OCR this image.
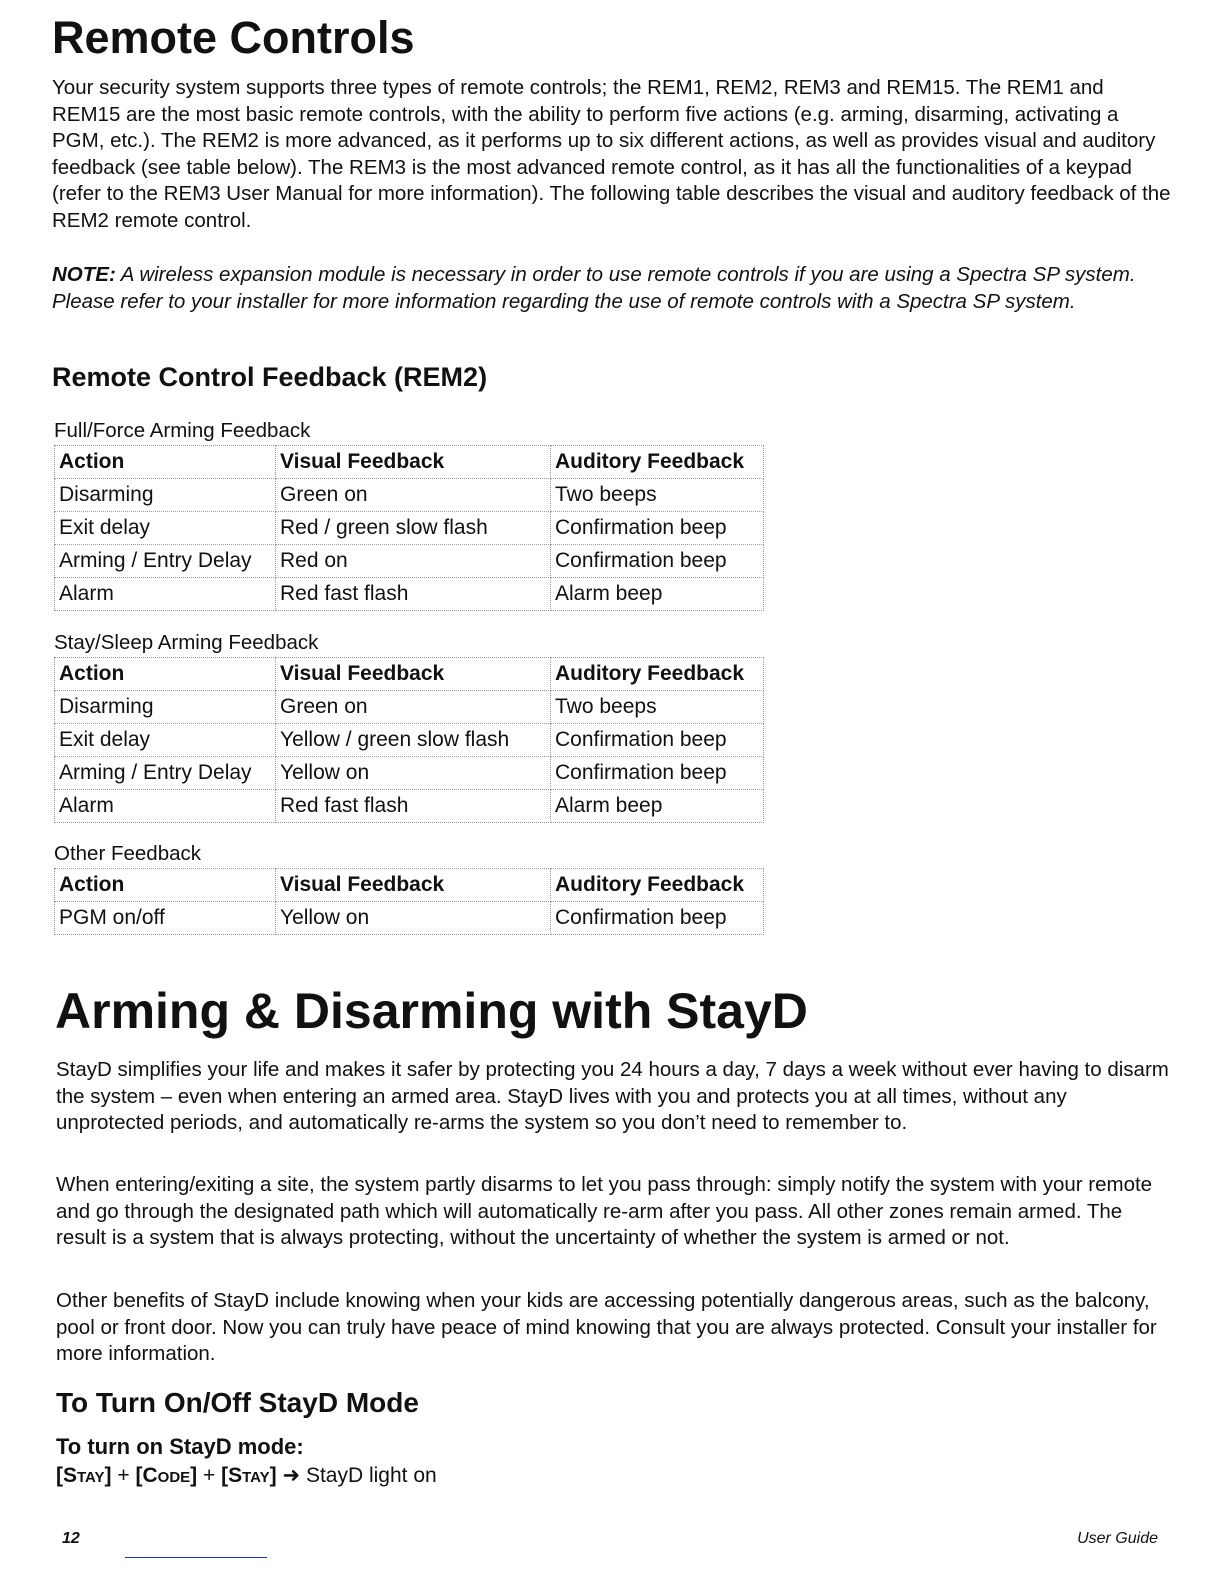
Remote Controls

Your security system supports three types of remote controls; the REM1, REM2, REM3 and REM15. The REM1 and REM15 are the most basic remote controls, with the ability to perform five actions (e.g. arming, disarming, activating a PGM, etc.). The REM2 is more advanced, as it performs up to six different actions, as well as provides visual and auditory feedback (see table below). The REM3 is the most advanced remote control, as it has all the functionalities of a keypad (refer to the REM3 User Manual for more information). The following table describes the visual and auditory feedback of the REM2 remote control.

NOTE: A wireless expansion module is necessary in order to use remote controls if you are using a Spectra SP system. Please refer to your installer for more information regarding the use of remote controls with a Spectra SP system.

Remote Control Feedback (REM2)
Full/Force Arming Feedback
Action	Visual Feedback	Auditory Feedback
Disarming	Green on	Two beeps
Exit delay	Red / green slow flash	Confirmation beep
Arming / Entry Delay	Red on	Confirmation beep
Alarm	Red fast flash	Alarm beep
Stay/Sleep Arming Feedback
Action	Visual Feedback	Auditory Feedback
Disarming	Green on	Two beeps
Exit delay	Yellow / green slow flash	Confirmation beep
Arming / Entry Delay	Yellow on	Confirmation beep
Alarm	Red fast flash	Alarm beep
Other Feedback
Action	Visual Feedback	Auditory Feedback
PGM on/off	Yellow on	Confirmation beep
Arming & Disarming with StayD

StayD simplifies your life and makes it safer by protecting you 24 hours a day, 7 days a week without ever having to disarm the system – even when entering an armed area. StayD lives with you and protects you at all times, without any unprotected periods, and automatically re-arms the system so you don’t need to remember to.

When entering/exiting a site, the system partly disarms to let you pass through: simply notify the system with your remote and go through the designated path which will automatically re-arm after you pass. All other zones remain armed. The result is a system that is always protecting, without the uncertainty of whether the system is armed or not.

Other benefits of StayD include knowing when your kids are accessing potentially dangerous areas, such as the balcony, pool or front door. Now you can truly have peace of mind knowing that you are always protected. Consult your installer for more information.

To Turn On/Off StayD Mode
To turn on StayD mode:
[Stay] + [Code] + [Stay] ➜ StayD light on
12	User Guide
